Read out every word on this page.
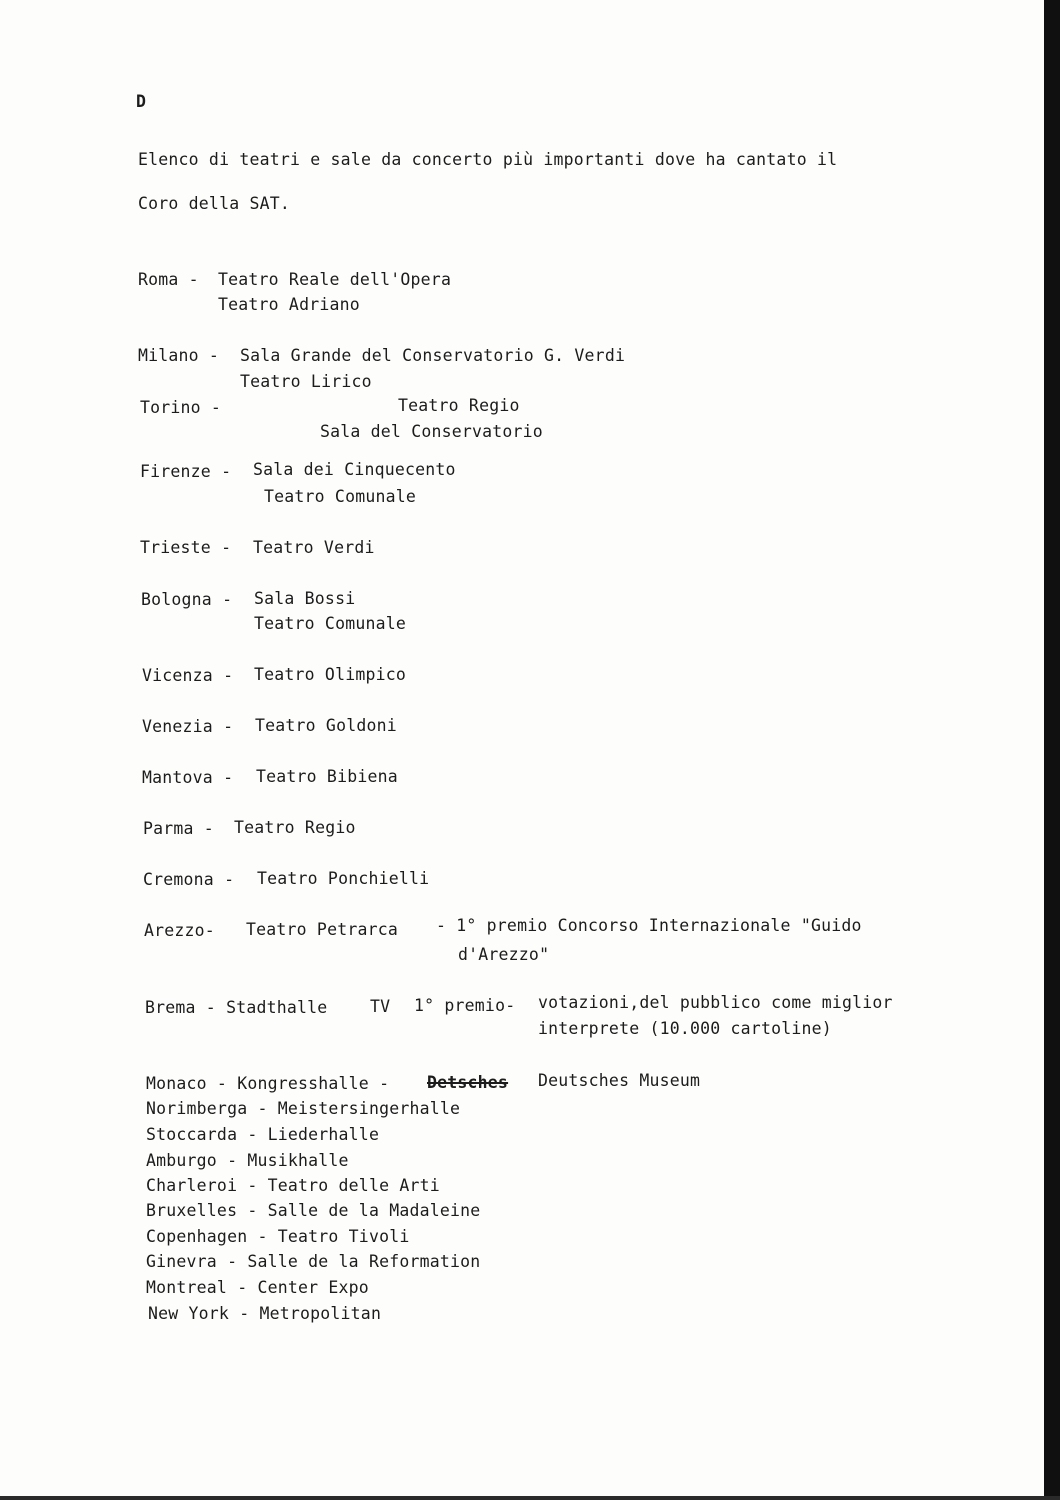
D
Elenco di teatri e sale da concerto più importanti dove ha cantato il
Coro della SAT.
Roma - Teatro Reale dell'Opera
Teatro Adriano
Milano - Sala Grande del Conservatorio G. Verdi
Teatro Lirico
Torino -	Teatro Regio
Sala del Conservatorio
Firenze - Sala dei Cinquecento
Teatro Comunale
Trieste - Teatro Verdi
Bologna - Sala Bossi
Teatro Comunale
Vicenza - Teatro Olimpico
Venezia - Teatro Goldoni
Mantova - Teatro Bibiena
Parma - Teatro Regio
Cremona - Teatro Ponchielli
Arezzo- Teatro Petrarca - 1° premio Concorso Internazionale "Guido
d'Arezzo"
Brema - Stadthalle	TV 1° premio- votazioni,del pubblico come miglior
interprete (10.000 cartoline)
Monaco - Kongresshalle - Detsches Deutsches Museum
Norimberga - Meistersingerhalle
Stoccarda - Liederhalle
Amburgo - Musikhalle
Charleroi - Teatro delle Arti
Bruxelles - Salle de la Madaleine
Copenhagen - Teatro Tivoli
Ginevra - Salle de la Reformation
Montreal - Center Expo
New York - Metropolitan
